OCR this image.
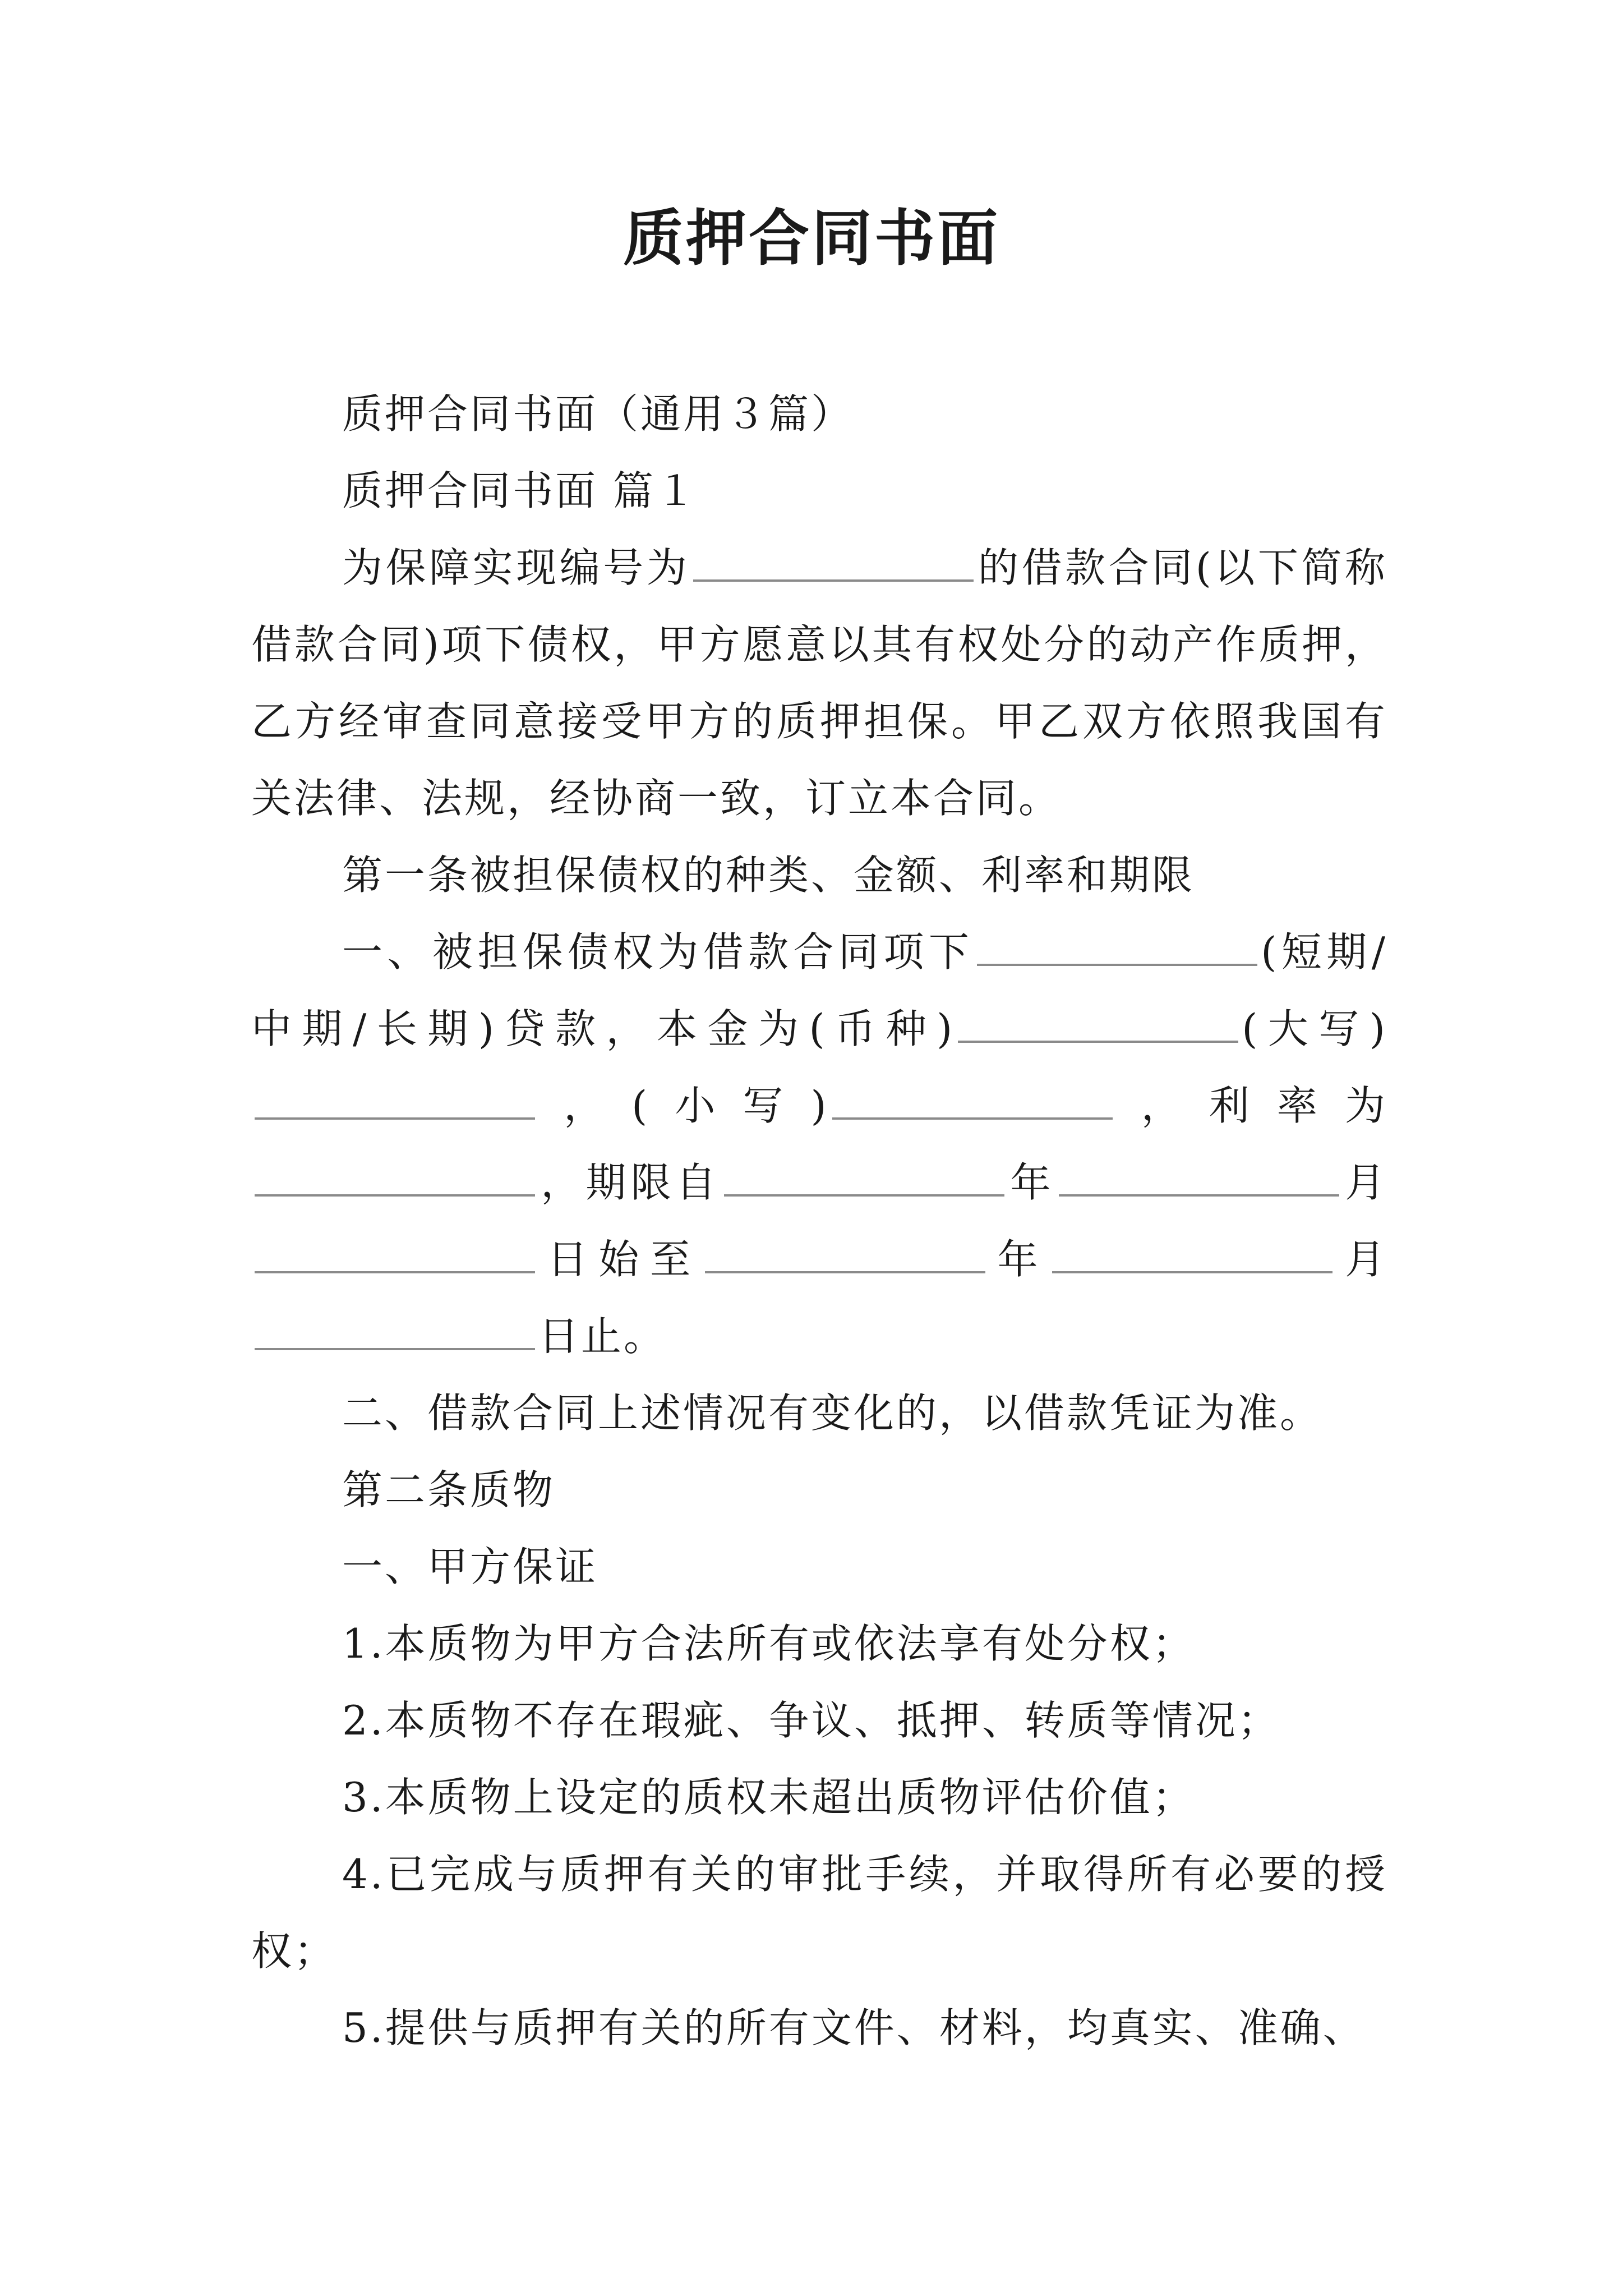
质押合同书面

质押合同书面（通用３篇）

质押合同书面 篇１

为保障实现编号为	的借款合同(以下简称借款合同)项下债权，甲方愿意以其有权处分的动产作质押，乙方经审查同意接受甲方的质押担保。甲乙双方依照我国有关法律、法规，经协商一致，订立本合同。

第一条被担保债权的种类、金额、利率和期限

一、被担保债权为借款合同项下	(短期/中期/长期)贷款，本金为(币种)	(大写)，(小写)	，利率为，期限自	年	月日始至	年	月日止。

二、借款合同上述情况有变化的，以借款凭证为准。

第二条质物

一、甲方保证

1.本质物为甲方合法所有或依法享有处分权；

2.本质物不存在瑕疵、争议、抵押、转质等情况；

3.本质物上设定的质权未超出质物评估价值；

4.已完成与质押有关的审批手续，并取得所有必要的授权；

5.提供与质押有关的所有文件、材料，均真实、准确、
